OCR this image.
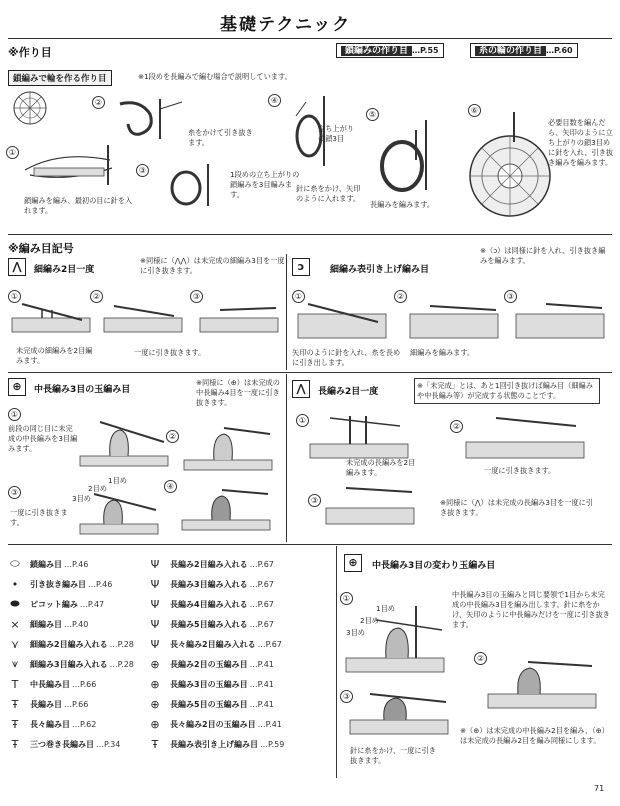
基礎テクニック
※作り目	鎖編みの作り目 …P.55	糸の輪の作り目 …P.60
鎖編みで輪を作る作り目	※1段めを長編みで編む場合で説明しています。
①
鎖編みを編み、最初の目に針を入れます。
②
糸をかけて引き抜きます。
③	1段めの立ち上がりの鎖編みを3目編みます。
④
立ち上がりの鎖3目
針に糸をかけ、矢印のように入れます。
⑤
長編みを編みます。
⑥
必要目数を編んだら、矢印のように立ち上がりの鎖3目めに針を入れ、引き抜き編みを編みます。
※編み目記号
⋀	細編み2目一度
※同様に（⋀⋀）は未完成の細編み3目を一度に引き抜きます。
①	②	③
未完成の細編みを2目編みます。
一度に引き抜きます。
ↄ	細編み表引き上げ編み目
※（ↄ）は同様に針を入れ、引き抜き編みを編みます。
①	②	③
矢印のように針を入れ、糸を長めに引き出します。
細編みを編みます。
⊕	中長編み3目の玉編み目
※同様に（⊕）は未完成の中長編み4目を一度に引き抜きます。
①
前段の同じ目に未完成の中長編みを3目編みます。
②
③
1目め
2目め
3目め
一度に引き抜きます。
④
⋀	長編み2目一度
※「未完成」とは、あと1回引き抜けば編み目（細編みや中長編み等）が完成する状態のことです。
①
未完成の長編みを2目編みます。
②
一度に引き抜きます。
③	※同様に（⋀）は未完成の長編み3目を一度に引き抜きます。
⬭	鎖編み目 …P.46
•	引き抜き編み目 …P.46
⬬	ピコット編み …P.47
×	細編み目 …P.40
⋎	細編み2目編み入れる …P.28
⩛	細編み3目編み入れる …P.28
T	中長編み目 …P.66
Ŧ	長編み目 …P.66
Ŧ	長々編み目 …P.62
Ŧ	三つ巻き長編み目 …P.34
Ψ	長編み2目編み入れる …P.67
Ψ	長編み3目編み入れる …P.67
Ψ	長編み4目編み入れる …P.67
Ψ	長編み5目編み入れる …P.67
Ψ	長々編み2目編み入れる …P.67
⊕	長編み2目の玉編み目 …P.41
⊕	長編み3目の玉編み目 …P.41
⊕	長編み5目の玉編み目 …P.41
⊕	長々編み2目の玉編み目 …P.41
Ŧ	長編み表引き上げ編み目 …P.59
⊕	中長編み3目の変わり玉編み目
①
1目め
2目め
3目め
中長編み3目の玉編みと同じ要領で1目から未完成の中長編み3目を編み出します。針に糸をかけ、矢印のように中長編みだけを一度に引き抜きます。
②
③
針に糸をかけ、一度に引き抜きます。
※（⊕）は未完成の中長編み2目を編み、（⊕）は未完成の長編み2目を編み同様にします。
71
